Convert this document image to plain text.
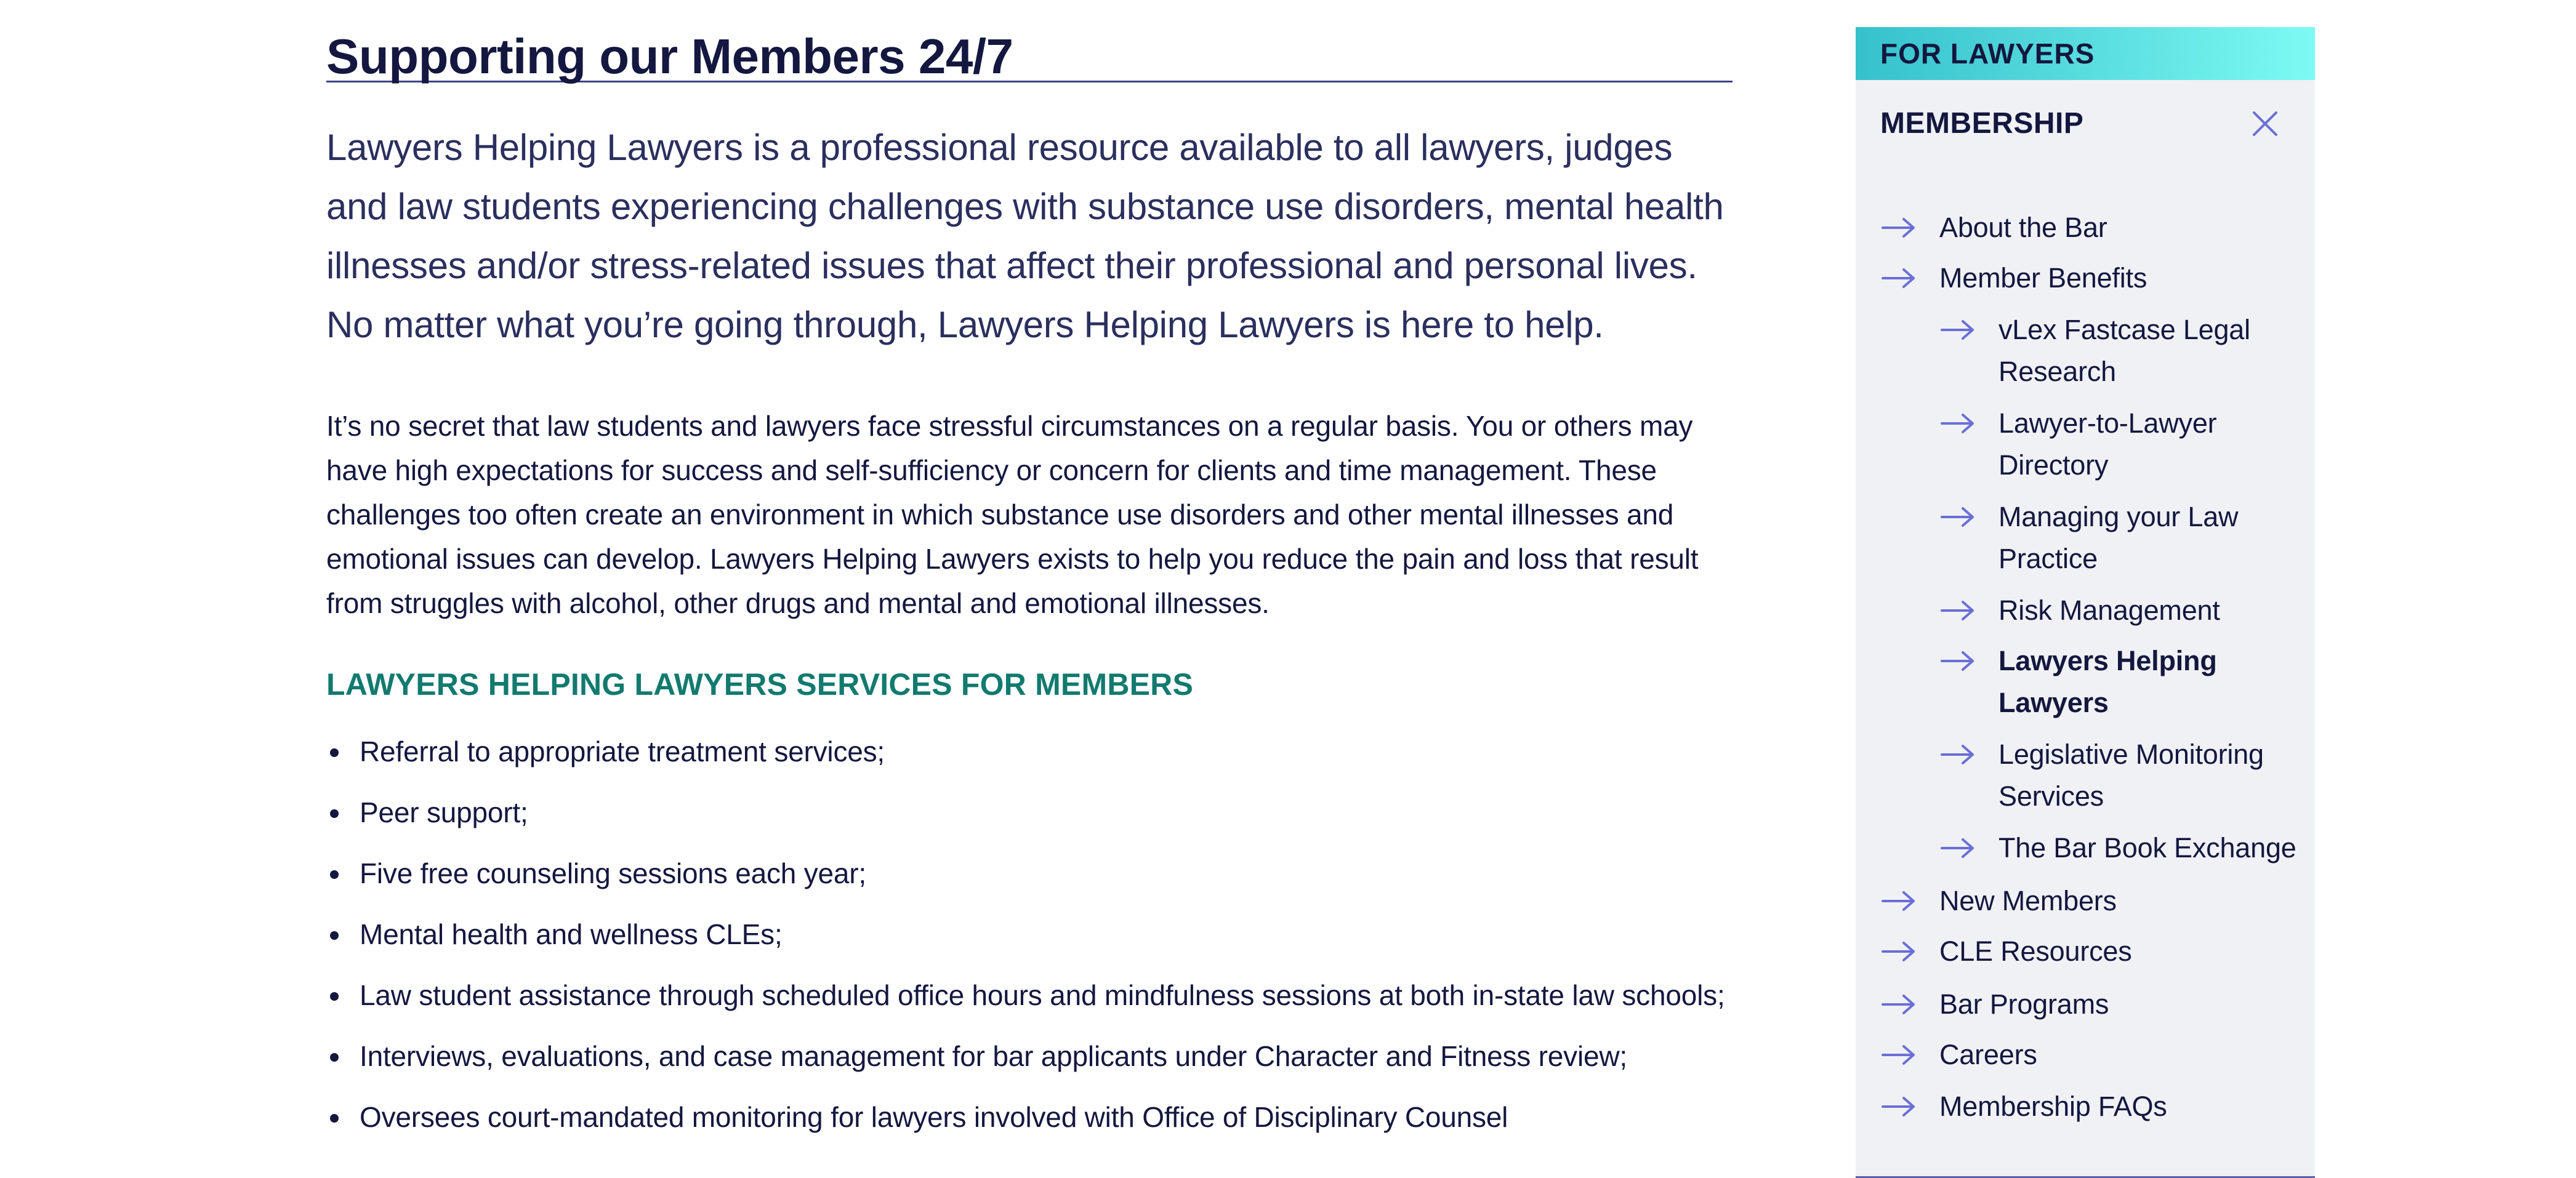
Supporting our Members 24/7

Lawyers Helping Lawyers is a professional resource available to all lawyers, judges and law students experiencing challenges with substance use disorders, mental health illnesses and/or stress-related issues that affect their professional and personal lives. No matter what you’re going through, Lawyers Helping Lawyers is here to help.

It’s no secret that law students and lawyers face stressful circumstances on a regular basis. You or others may have high expectations for success and self-sufficiency or concern for clients and time management. These challenges too often create an environment in which substance use disorders and other mental illnesses and emotional issues can develop. Lawyers Helping Lawyers exists to help you reduce the pain and loss that result from struggles with alcohol, other drugs and mental and emotional illnesses.

LAWYERS HELPING LAWYERS SERVICES FOR MEMBERS
Referral to appropriate treatment services;
Peer support;
Five free counseling sessions each year;
Mental health and wellness CLEs;
Law student assistance through scheduled office hours and mindfulness sessions at both in-state law schools;
Interviews, evaluations, and case management for bar applicants under Character and Fitness review;
Oversees court-mandated monitoring for lawyers involved with Office of Disciplinary Counsel
FOR LAWYERS
MEMBERSHIP
About the Bar
Member Benefits
vLex Fastcase Legal
Research
Lawyer-to-Lawyer
Directory
Managing your Law
Practice
Risk Management
Lawyers Helping
Lawyers
Legislative Monitoring
Services
The Bar Book Exchange
New Members
CLE Resources
Bar Programs
Careers
Membership FAQs
